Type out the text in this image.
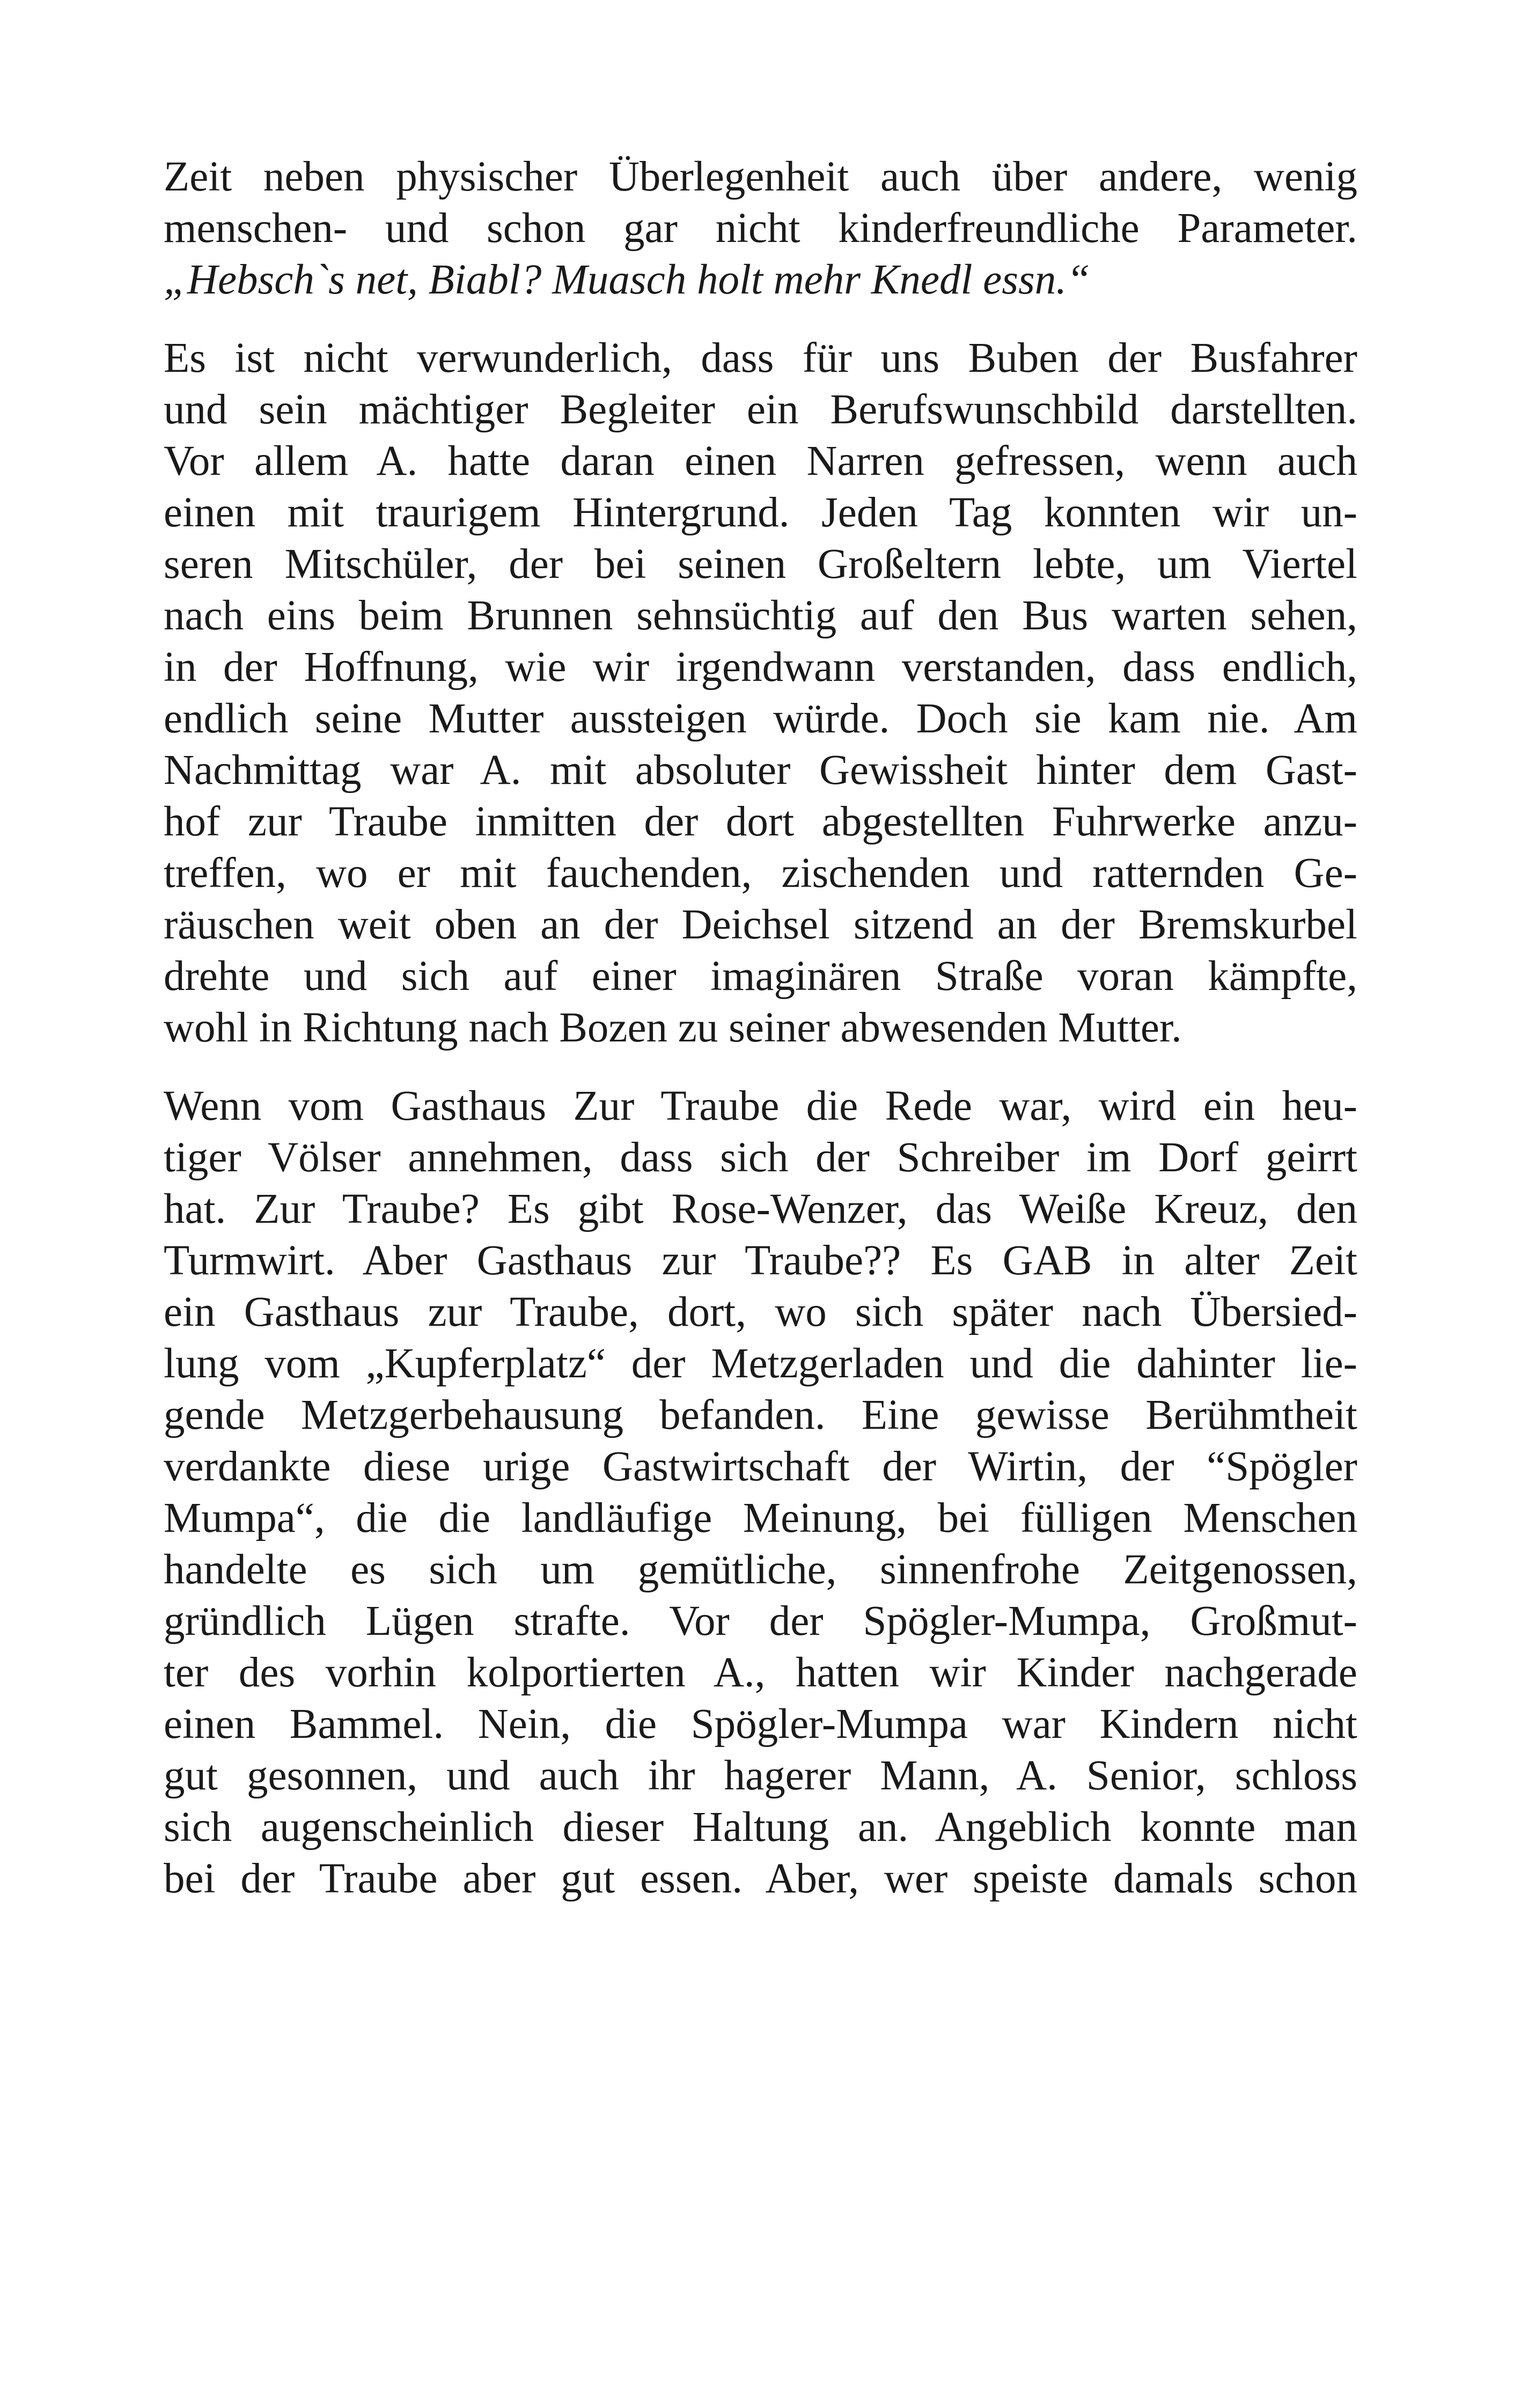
Zeit neben physischer Überlegenheit auch über andere, wenig
menschen- und schon gar nicht kinderfreundliche Parameter.
„Hebsch`s net, Biabl? Muasch holt mehr Knedl essn.“

Es ist nicht verwunderlich, dass für uns Buben der Busfahrer
und sein mächtiger Begleiter ein Berufswunschbild darstellten.
Vor allem A. hatte daran einen Narren gefressen, wenn auch
einen mit traurigem Hintergrund. Jeden Tag konnten wir un-
seren Mitschüler, der bei seinen Großeltern lebte, um Viertel
nach eins beim Brunnen sehnsüchtig auf den Bus warten sehen,
in der Hoffnung, wie wir irgendwann verstanden, dass endlich,
endlich seine Mutter aussteigen würde. Doch sie kam nie. Am
Nachmittag war A. mit absoluter Gewissheit hinter dem Gast-
hof zur Traube inmitten der dort abgestellten Fuhrwerke anzu-
treffen, wo er mit fauchenden, zischenden und ratternden Ge-
räuschen weit oben an der Deichsel sitzend an der Bremskurbel
drehte und sich auf einer imaginären Straße voran kämpfte,
wohl in Richtung nach Bozen zu seiner abwesenden Mutter.

Wenn vom Gasthaus Zur Traube die Rede war, wird ein heu-
tiger Völser annehmen, dass sich der Schreiber im Dorf geirrt
hat. Zur Traube? Es gibt Rose-Wenzer, das Weiße Kreuz, den
Turmwirt. Aber Gasthaus zur Traube?? Es GAB in alter Zeit
ein Gasthaus zur Traube, dort, wo sich später nach Übersied-
lung vom „Kupferplatz“ der Metzgerladen und die dahinter lie-
gende Metzgerbehausung befanden. Eine gewisse Berühmtheit
verdankte diese urige Gastwirtschaft der Wirtin, der “Spögler
Mumpa“, die die landläufige Meinung, bei fülligen Menschen
handelte es sich um gemütliche, sinnenfrohe Zeitgenossen,
gründlich Lügen strafte. Vor der Spögler-Mumpa, Großmut-
ter des vorhin kolportierten A., hatten wir Kinder nachgerade
einen Bammel. Nein, die Spögler-Mumpa war Kindern nicht
gut gesonnen, und auch ihr hagerer Mann, A. Senior, schloss
sich augenscheinlich dieser Haltung an. Angeblich konnte man
bei der Traube aber gut essen. Aber, wer speiste damals schon
